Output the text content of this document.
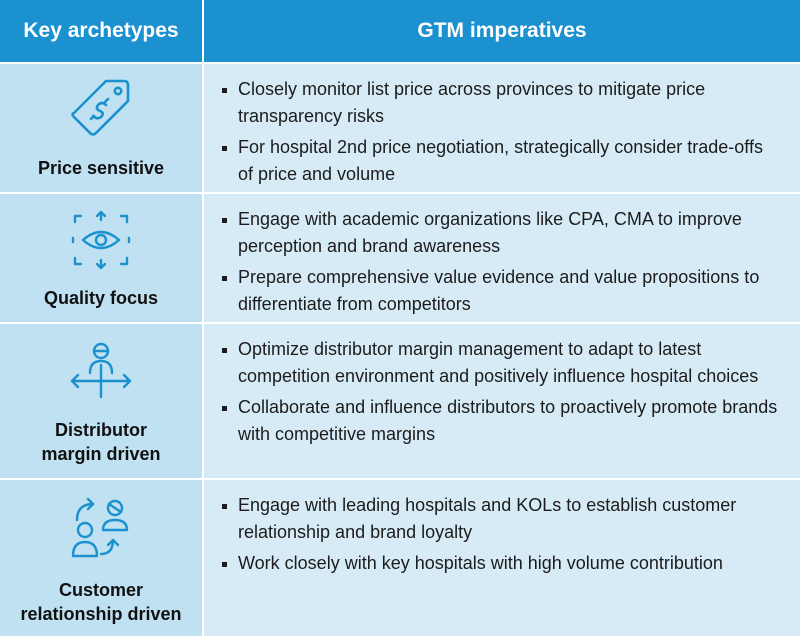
Key archetypes	GTM imperatives
Price sensitive
Closely monitor list price across provinces to mitigate price transparency risks
For hospital 2nd price negotiation, strategically consider trade-offs of price and volume
Quality focus
Engage with academic organizations like CPA, CMA to improve perception and brand awareness
Prepare comprehensive value evidence and value propositions to differentiate from competitors
Distributor margin driven
Optimize distributor margin management to adapt to latest competition environment and positively influence hospital choices
Collaborate and influence distributors to proactively promote brands with competitive margins
Customer relationship driven
Engage with leading hospitals and KOLs to establish customer relationship and brand loyalty
Work closely with key hospitals with high volume contribution
